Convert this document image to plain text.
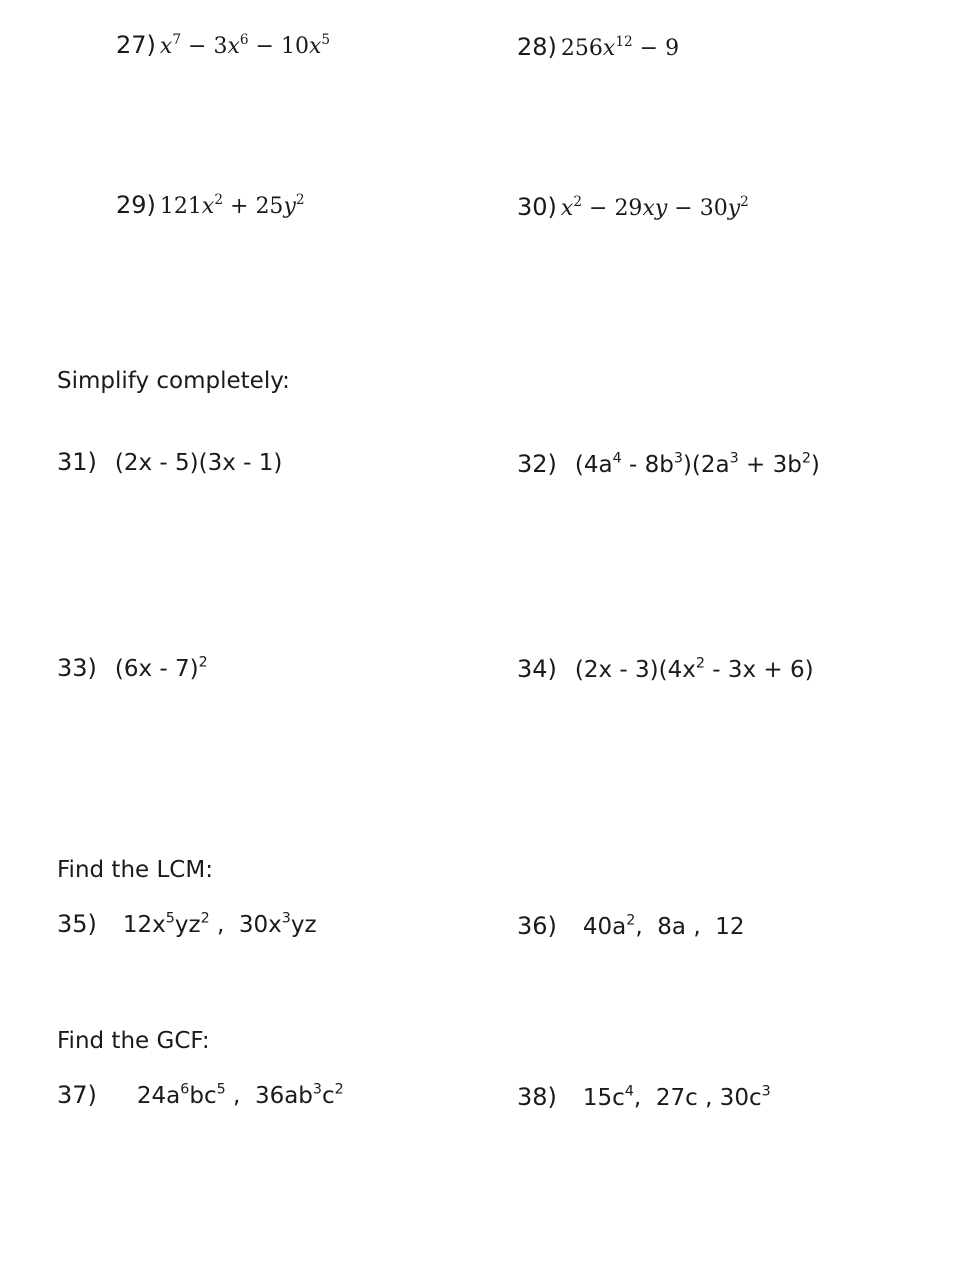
27) $x^7 - 3x^6 - 10x^5$	28) $256x^{12} - 9$
29) $121x^2 + 25y^2$	30) $x^2 - 29xy - 30y^2$
Simplify completely:
31) (2x - 5)(3x - 1)	32) $(4a^4 - 8b^3)(2a^3 + 3b^2)$
33) (6x - 7)$^2$	34) $(2x - 3)(4x^2 - 3x + 6)$
Find the LCM:
35) $12x^5yz^2$ ,  $30x^3yz$	36) $40a^2$,  8a ,  12
Find the GCF:
37) $24a^6bc^5$ ,  $36ab^3c^2$	38) $15c^4$,  27c , $30c^3$
